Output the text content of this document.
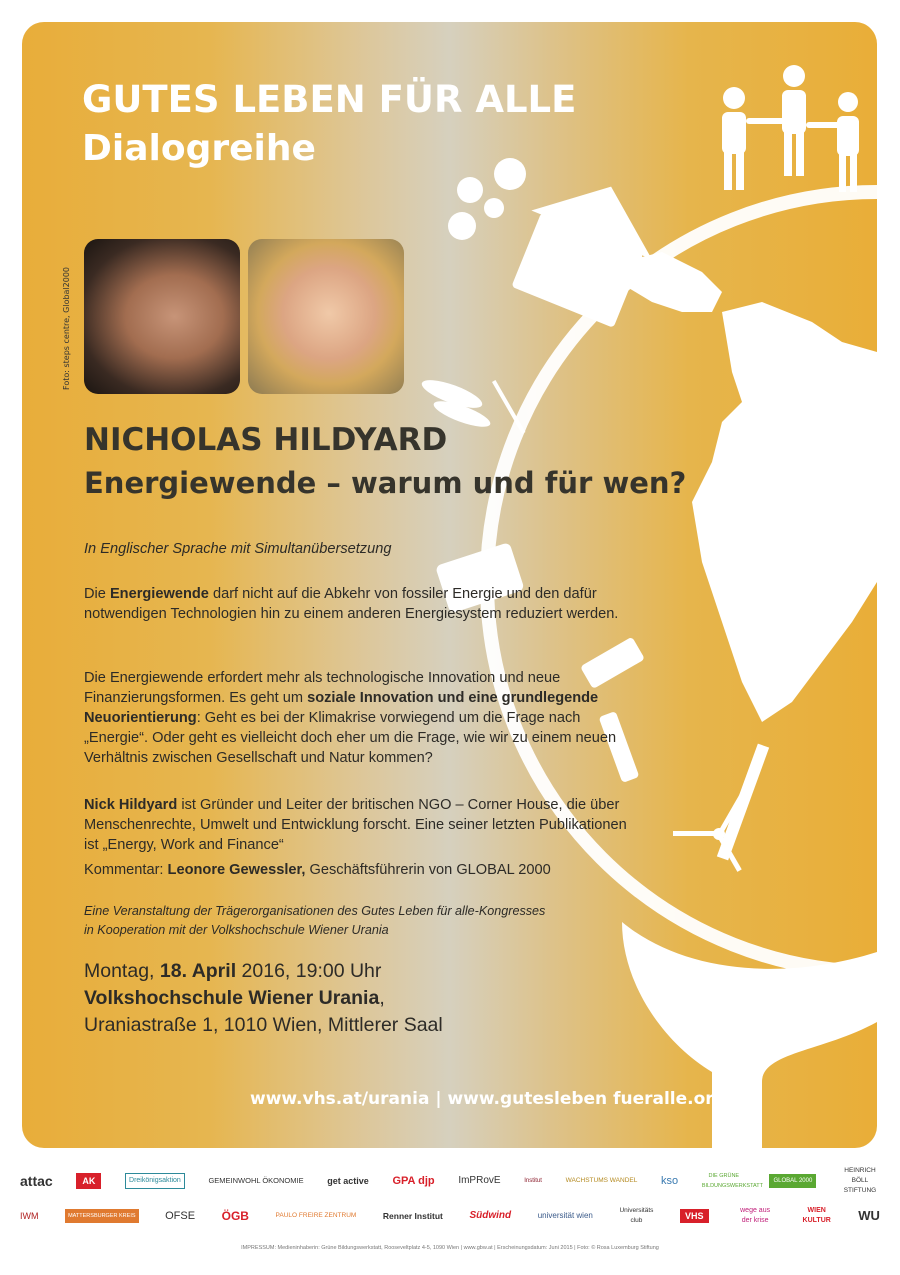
GUTES LEBEN FÜR ALLE
Dialogreihe
Foto: steps centre, Global2000
NICHOLAS HILDYARD
Energiewende – warum und für wen?

In Englischer Sprache mit Simultanübersetzung

Die Energiewende darf nicht auf die Abkehr von fossiler Energie und den dafür notwendigen Technologien hin zu einem anderen Energiesystem reduziert werden.

Die Energiewende erfordert mehr als technologische Innovation und neue Finanzierungsformen. Es geht um soziale Innovation und eine grundlegende Neuorientierung: Geht es bei der Klimakrise vorwiegend um die Frage nach „Energie“. Oder geht es vielleicht doch eher um die Frage, wie wir zu einem neuen Verhältnis zwischen Gesellschaft und Natur kommen?

Nick Hildyard ist Gründer und Leiter der britischen NGO – Corner House, die über Menschenrechte, Umwelt und Entwicklung forscht. Eine seiner letzten Publikationen ist „Energy, Work and Finance“

Kommentar: Leonore Gewessler, Geschäftsführerin von GLOBAL 2000

Eine Veranstaltung der Trägerorganisationen des Gutes Leben für alle-Kongresses

in Kooperation mit der Volkshochschule Wiener Urania

Montag, 18. April 2016, 19:00 Uhr
Volkshochschule Wiener Urania,
Uraniastraße 1, 1010 Wien, Mittlerer Saal
www.vhs.at/urania | www.gutesleben fueralle.org
attac	AK	Dreikönigsaktion	GEMEINWOHL ÖKONOMIE	get active GPA djp ImPRovE	Institut	WACHSTUMS WANDEL kso	DIE GRÜNE BILDUNGSWERKSTATT
GLOBAL 2000
HEINRICH BÖLL STIFTUNG
IWM	MATTERSBURGER KREIS	OFSE ÖGB	PAULO FREIRE ZENTRUM	Renner Institut	Südwind	universität wien
Universitäts club	VHS
wege aus der krise
WIEN KULTUR WU
IMPRESSUM: Medieninhaberin: Grüne Bildungswerkstatt, Rooseveltplatz 4-5, 1090 Wien | www.gbw.at | Erscheinungsdatum: Juni 2015 | Foto: © Rosa Luxemburg Stiftung
